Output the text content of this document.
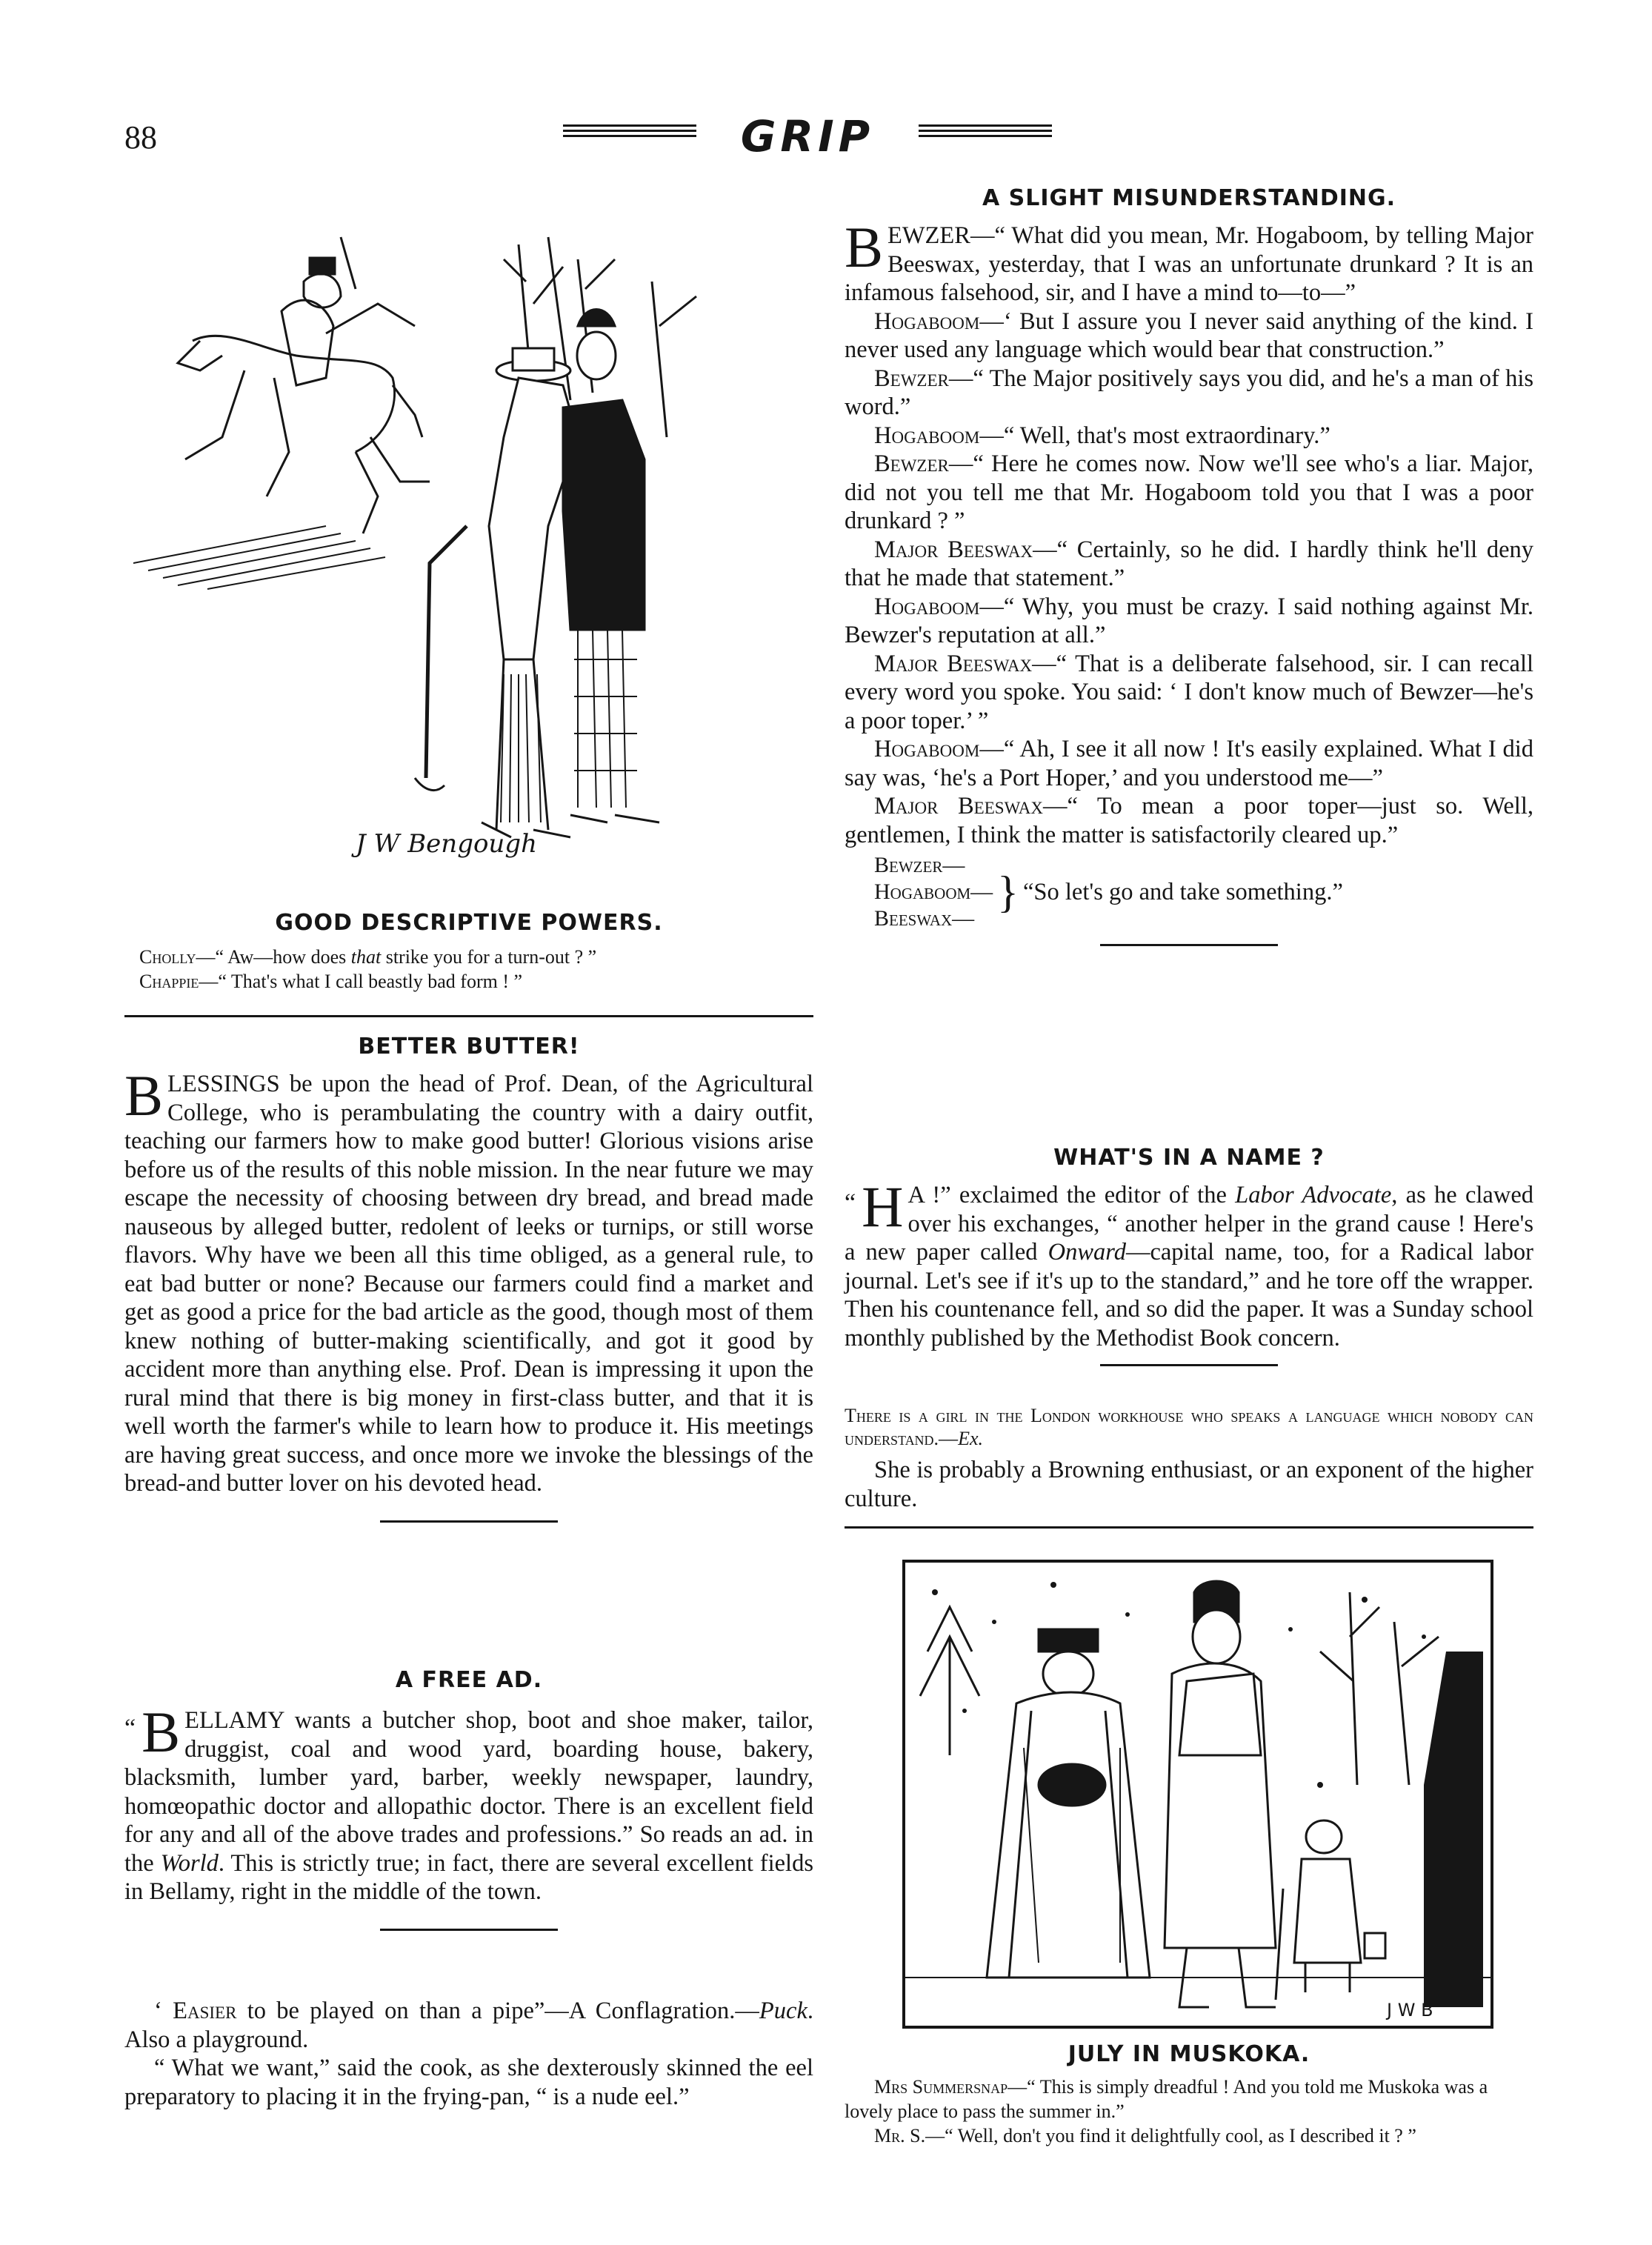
88	GRIP
J W Bengough
GOOD DESCRIPTIVE POWERS.

Cholly—“ Aw—how does that strike you for a turn-out ? ”

Chappie—“ That's what I call beastly bad form ! ”

BETTER BUTTER!

BLESSINGS be upon the head of Prof. Dean, of the Agricultural College, who is perambulating the country with a dairy outfit, teaching our farmers how to make good butter! Glorious visions arise before us of the results of this noble mission. In the near future we may escape the necessity of choosing between dry bread, and bread made nauseous by alleged butter, redolent of leeks or turnips, or still worse flavors. Why have we been all this time obliged, as a general rule, to eat bad butter or none? Because our farmers could find a market and get as good a price for the bad article as the good, though most of them knew nothing of butter-making scientifically, and got it good by accident more than anything else. Prof. Dean is impressing it upon the rural mind that there is big money in first-class butter, and that it is well worth the farmer's while to learn how to produce it. His meetings are having great success, and once more we invoke the blessings of the bread-and butter lover on his devoted head.

A FREE AD.

“ B ELLAMY wants a butcher shop, boot and shoe maker, tailor, druggist, coal and wood yard, boarding house, bakery, blacksmith, lumber yard, barber, weekly newspaper, laundry, homœopathic doctor and allopathic doctor. There is an excellent field for any and all of the above trades and professions.” So reads an ad. in the World. This is strictly true; in fact, there are several excellent fields in Bellamy, right in the middle of the town.

‘ Easier to be played on than a pipe”—A Conflagration.—Puck. Also a playground.

“ What we want,” said the cook, as she dexterously skinned the eel preparatory to placing it in the frying-pan, “ is a nude eel.”

A SLIGHT MISUNDERSTANDING.

BEWZER—“ What did you mean, Mr. Hogaboom, by telling Major Beeswax, yesterday, that I was an unfortunate drunkard ? It is an infamous falsehood, sir, and I have a mind to—to—”

Hogaboom—‘ But I assure you I never said anything of the kind. I never used any language which would bear that construction.”

Bewzer—“ The Major positively says you did, and he's a man of his word.”

Hogaboom—“ Well, that's most extraordinary.”

Bewzer—“ Here he comes now. Now we'll see who's a liar. Major, did not you tell me that Mr. Hogaboom told you that I was a poor drunkard ? ”

Major Beeswax—“ Certainly, so he did. I hardly think he'll deny that he made that statement.”

Hogaboom—“ Why, you must be crazy. I said nothing against Mr. Bewzer's reputation at all.”

Major Beeswax—“ That is a deliberate falsehood, sir. I can recall every word you spoke. You said: ‘ I don't know much of Bewzer—he's a poor toper.’ ”

Hogaboom—“ Ah, I see it all now ! It's easily explained. What I did say was, ‘he's a Port Hoper,’ and you understood me—”

Major Beeswax—“ To mean a poor toper—just so. Well, gentlemen, I think the matter is satisfactorily cleared up.”

Bewzer—
Hogaboom—
Beeswax—
} “So let's go and take something.”
WHAT'S IN A NAME ?

“ H A !” exclaimed the editor of the Labor Advocate, as he clawed over his exchanges, “ another helper in the grand cause ! Here's a new paper called Onward—capital name, too, for a Radical labor journal. Let's see if it's up to the standard,” and he tore off the wrapper. Then his countenance fell, and so did the paper. It was a Sunday school monthly published by the Methodist Book concern.

There is a girl in the London workhouse who speaks a language which nobody can understand.—Ex.

She is probably a Browning enthusiast, or an exponent of the higher culture.

J W B
JULY IN MUSKOKA.

Mrs Summersnap—“ This is simply dreadful ! And you told me Muskoka was a lovely place to pass the summer in.”

Mr. S.—“ Well, don't you find it delightfully cool, as I described it ? ”
